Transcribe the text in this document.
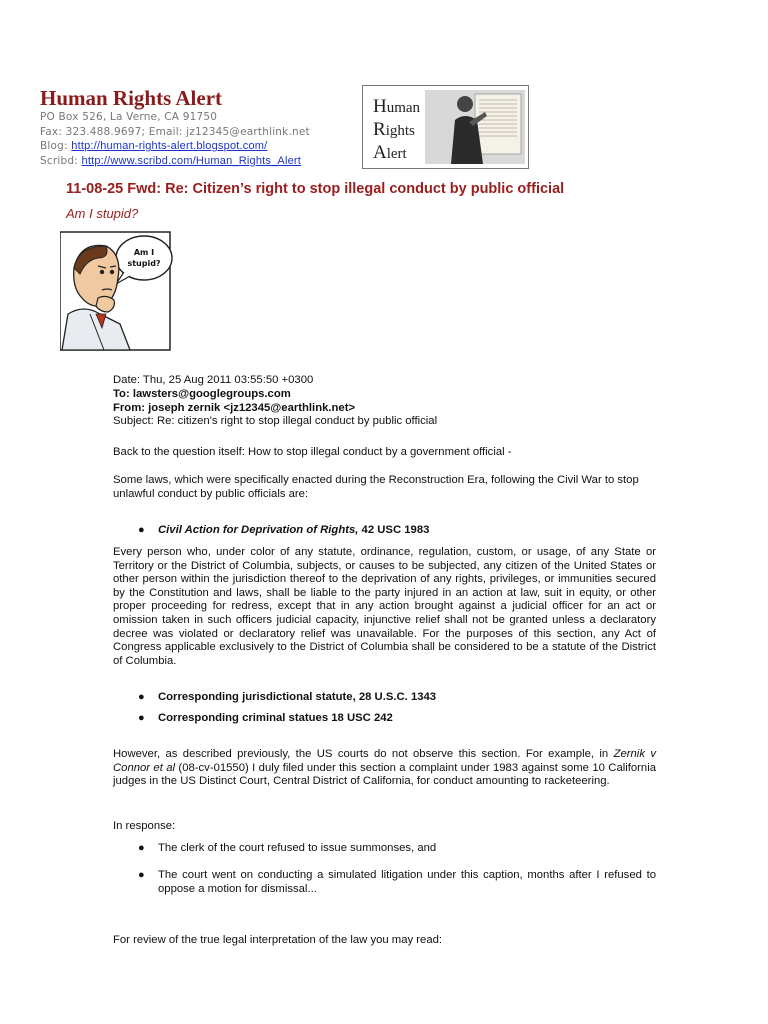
Human Rights Alert
PO Box 526, La Verne, CA 91750
Fax: 323.488.9697; Email: jz12345@earthlink.net
Blog: http://human-rights-alert.blogspot.com/
Scribd: http://www.scribd.com/Human_Rights_Alert
Human
Rights
Alert
11-08-25 Fwd: Re: Citizen’s right to stop illegal conduct by public official
Am I stupid?
Am I
stupid?
Date: Thu, 25 Aug 2011 03:55:50 +0300
To: lawsters@googlegroups.com
From: joseph zernik <jz12345@earthlink.net>
Subject: Re: citizen's right to stop illegal conduct by public official
Back to the question itself: How to stop illegal conduct by a government official -
Some laws, which were specifically enacted during the Reconstruction Era, following the Civil War to stop unlawful conduct by public officials are:
● Civil Action for Deprivation of Rights, 42 USC 1983
Every person who, under color of any statute, ordinance, regulation, custom, or usage, of any State or Territory or the District of Columbia, subjects, or causes to be subjected, any citizen of the United States or other person within the jurisdiction thereof to the deprivation of any rights, privileges, or immunities secured by the Constitution and laws, shall be liable to the party injured in an action at law, suit in equity, or other proper proceeding for redress, except that in any action brought against a judicial officer for an act or omission taken in such officers judicial capacity, injunctive relief shall not be granted unless a declaratory decree was violated or declaratory relief was unavailable. For the purposes of this section, any Act of Congress applicable exclusively to the District of Columbia shall be considered to be a statute of the District of Columbia.
● Corresponding jurisdictional statute, 28 U.S.C. 1343
● Corresponding criminal statues 18 USC 242
However, as described previously, the US courts do not observe this section. For example, in Zernik v Connor et al (08-cv-01550) I duly filed under this section a complaint under 1983 against some 10 California judges in the US Distinct Court, Central District of California, for conduct amounting to racketeering.
In response:
● The clerk of the court refused to issue summonses, and
● The court went on conducting a simulated litigation under this caption, months after I refused to oppose a motion for dismissal...
For review of the true legal interpretation of the law you may read:
